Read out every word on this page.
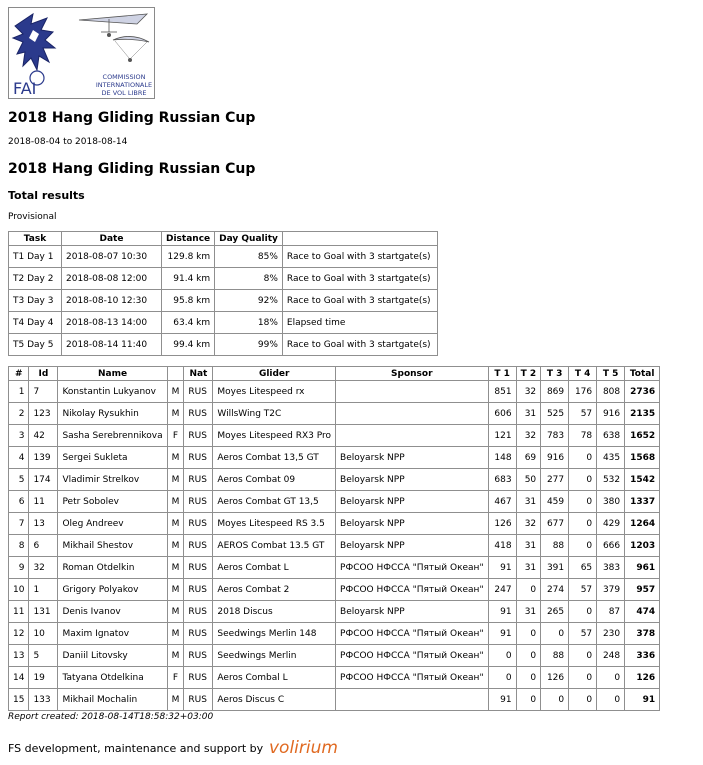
FAI
COMMISSION
INTERNATIONALE
DE VOL LIBRE
2018 Hang Gliding Russian Cup
2018-08-04 to 2018-08-14
2018 Hang Gliding Russian Cup
Total results
Provisional
Task	Date	Distance	Day Quality	
T1 Day 1	2018-08-07 10:30	129.8 km	85%	Race to Goal with 3 startgate(s)
T2 Day 2	2018-08-08 12:00	91.4 km	8%	Race to Goal with 3 startgate(s)
T3 Day 3	2018-08-10 12:30	95.8 km	92%	Race to Goal with 3 startgate(s)
T4 Day 4	2018-08-13 14:00	63.4 km	18%	Elapsed time
T5 Day 5	2018-08-14 11:40	99.4 km	99%	Race to Goal with 3 startgate(s)
#	Id	Name		Nat	Glider	Sponsor	T 1	T 2	T 3	T 4	T 5	Total
1	7	Konstantin Lukyanov	M	RUS	Moyes Litespeed rx		851	32	869	176	808	2736
2	123	Nikolay Rysukhin	M	RUS	WillsWing T2C		606	31	525	57	916	2135
3	42	Sasha Serebrennikova	F	RUS	Moyes Litespeed RX3 Pro		121	32	783	78	638	1652
4	139	Sergei Sukleta	M	RUS	Aeros Combat 13,5 GT	Beloyarsk NPP	148	69	916	0	435	1568
5	174	Vladimir Strelkov	M	RUS	Aeros Combat 09	Beloyarsk NPP	683	50	277	0	532	1542
6	11	Petr Sobolev	M	RUS	Aeros Combat GT 13,5	Beloyarsk NPP	467	31	459	0	380	1337
7	13	Oleg Andreev	M	RUS	Moyes Litespeed RS 3.5	Beloyarsk NPP	126	32	677	0	429	1264
8	6	Mikhail Shestov	M	RUS	AEROS Combat 13.5 GT	Beloyarsk NPP	418	31	88	0	666	1203
9	32	Roman Otdelkin	M	RUS	Aeros Combat L	РФСОО НФССА "Пятый Океан"	91	31	391	65	383	961
10	1	Grigory Polyakov	M	RUS	Aeros Combat 2	РФСОО НФССА "Пятый Океан"	247	0	274	57	379	957
11	131	Denis Ivanov	M	RUS	2018 Discus	Beloyarsk NPP	91	31	265	0	87	474
12	10	Maxim Ignatov	M	RUS	Seedwings Merlin 148	РФСОО НФССА "Пятый Океан"	91	0	0	57	230	378
13	5	Daniil Litovsky	M	RUS	Seedwings Merlin	РФСОО НФССА "Пятый Океан"	0	0	88	0	248	336
14	19	Tatyana Otdelkina	F	RUS	Aeros Combal L	РФСОО НФССА "Пятый Океан"	0	0	126	0	0	126
15	133	Mikhail Mochalin	M	RUS	Aeros Discus C		91	0	0	0	0	91
Report created: 2018-08-14T18:58:32+03:00
FS development, maintenance and support by volirium
